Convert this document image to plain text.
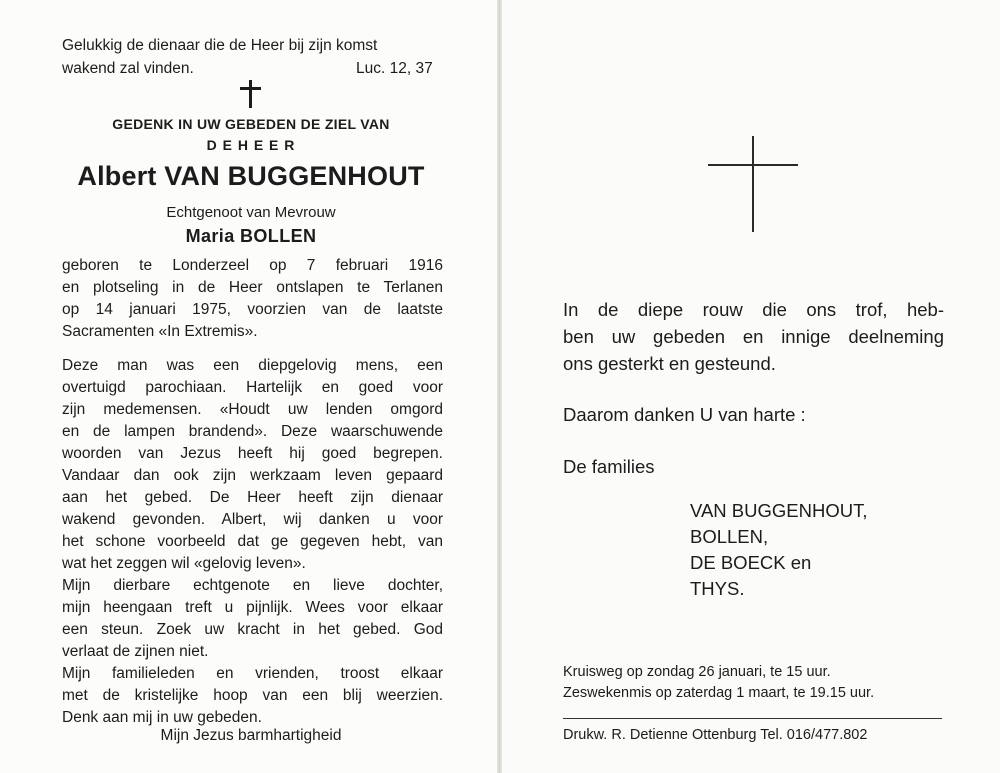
Gelukkig de dienaar die de Heer bij zijn komst
wakend zal vinden.	Luc. 12, 37
GEDENK IN UW GEBEDEN DE ZIEL VAN
D E H E E R
Albert VAN BUGGENHOUT
Echtgenoot van Mevrouw
Maria BOLLEN
geboren te Londerzeel op 7 februari 1916
en plotseling in de Heer ontslapen te Terlanen
op 14 januari 1975, voorzien van de laatste
Sacramenten «In Extremis».
Deze man was een diepgelovig mens, een
overtuigd parochiaan. Hartelijk en goed voor
zijn medemensen. «Houdt uw lenden omgord
en de lampen brandend». Deze waarschuwende
woorden van Jezus heeft hij goed begrepen.
Vandaar dan ook zijn werkzaam leven gepaard
aan het gebed. De Heer heeft zijn dienaar
wakend gevonden. Albert, wij danken u voor
het schone voorbeeld dat ge gegeven hebt, van
wat het zeggen wil «gelovig leven».
Mijn dierbare echtgenote en lieve dochter,
mijn heengaan treft u pijnlijk. Wees voor elkaar
een steun. Zoek uw kracht in het gebed. God
verlaat de zijnen niet.
Mijn familieleden en vrienden, troost elkaar
met de kristelijke hoop van een blij weerzien.
Denk aan mij in uw gebeden.
Mijn Jezus barmhartigheid
In de diepe rouw die ons trof, heb-
ben uw gebeden en innige deelneming
ons gesterkt en gesteund.
Daarom danken U van harte :
De families
VAN BUGGENHOUT,
BOLLEN,
DE BOECK en
THYS.
Kruisweg op zondag 26 januari, te 15 uur.
Zeswekenmis op zaterdag 1 maart, te 19.15 uur.
Drukw. R. Detienne Ottenburg Tel. 016/477.802
